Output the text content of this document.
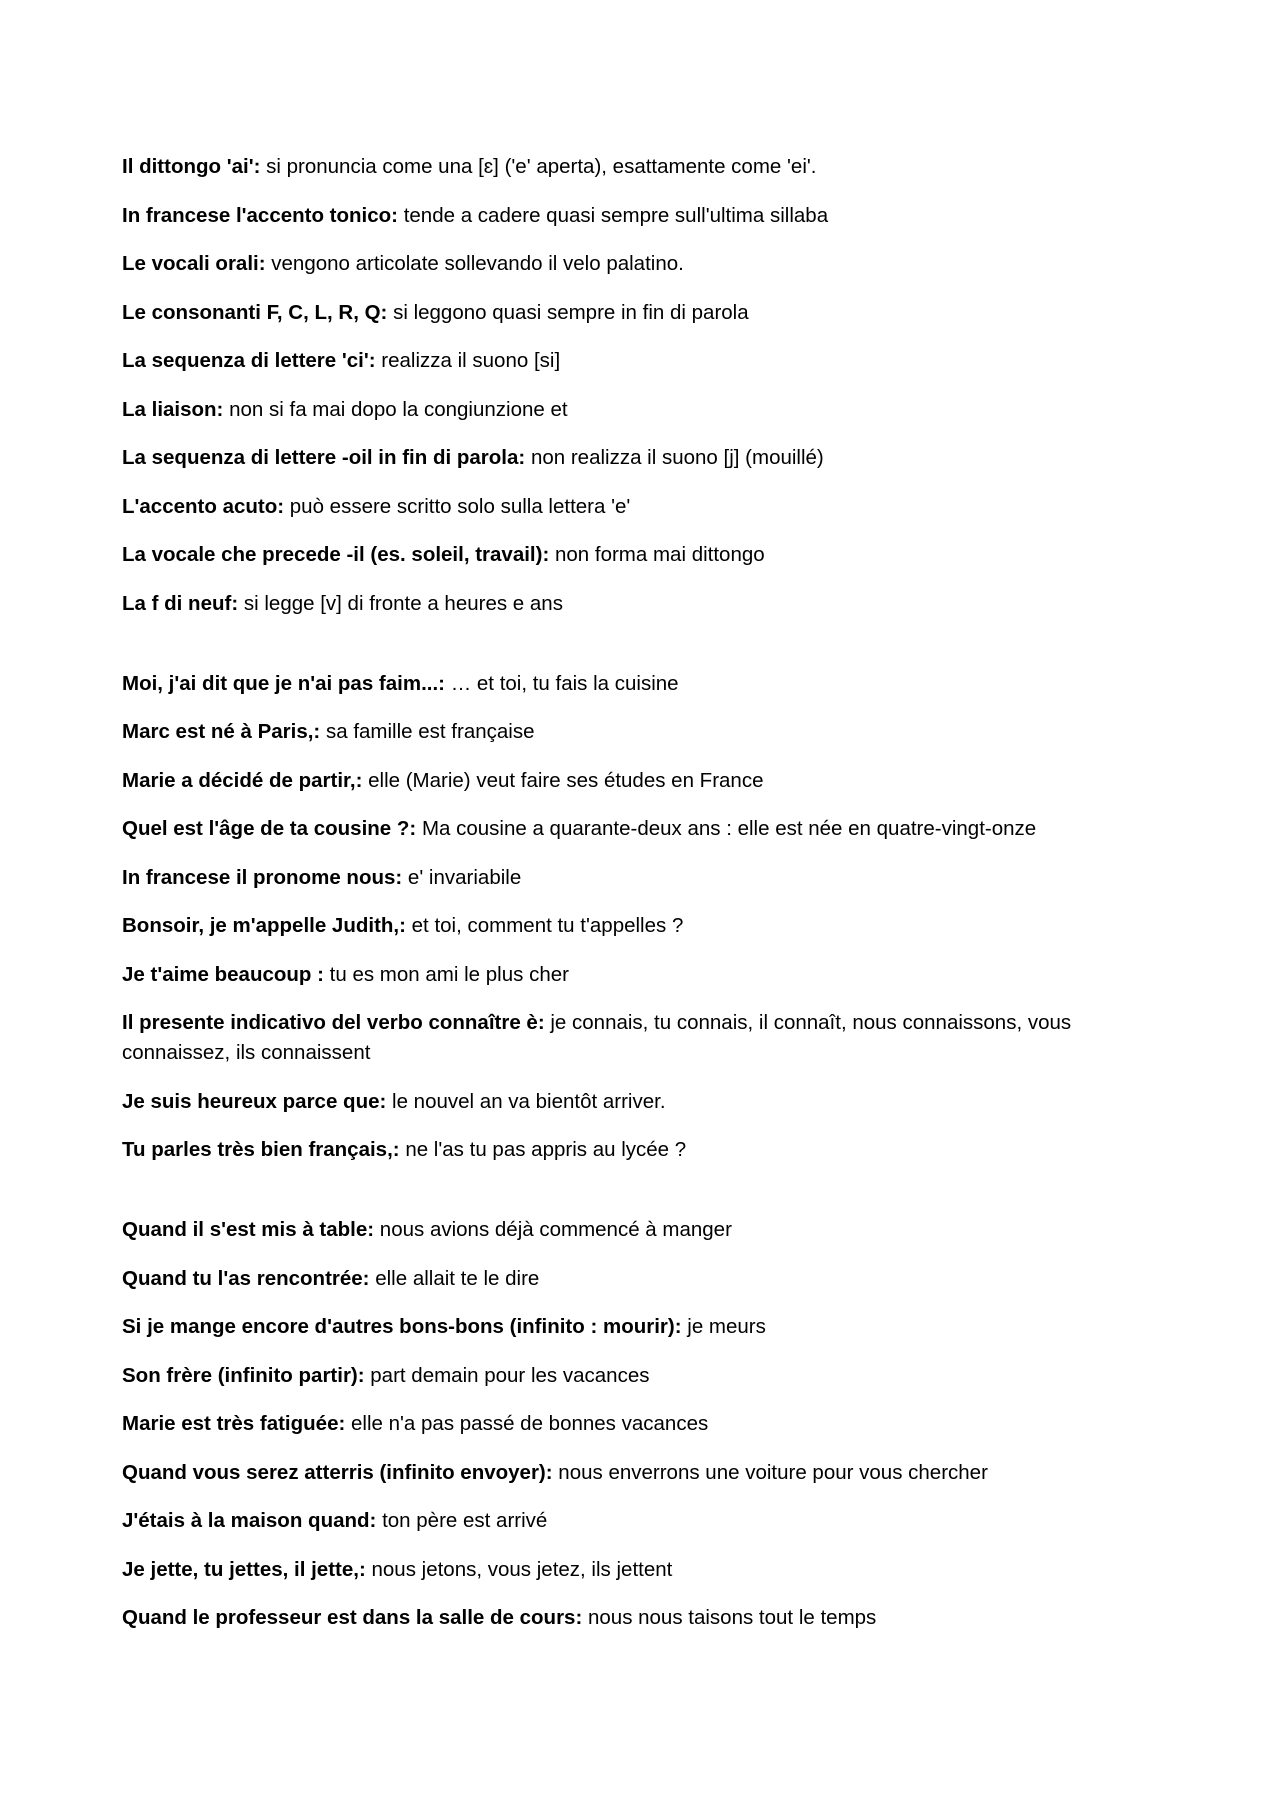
Il dittongo 'ai': si pronuncia come una [ɛ] ('e' aperta), esattamente come 'ei'.

In francese l'accento tonico: tende a cadere quasi sempre sull'ultima sillaba

Le vocali orali: vengono articolate sollevando il velo palatino.

Le consonanti F, C, L, R, Q: si leggono quasi sempre in fin di parola

La sequenza di lettere 'ci': realizza il suono [si]

La liaison: non si fa mai dopo la congiunzione et

La sequenza di lettere -oil in fin di parola: non realizza il suono [j] (mouillé)

L'accento acuto: può essere scritto solo sulla lettera 'e'

La vocale che precede -il (es. soleil, travail): non forma mai dittongo

La f di neuf: si legge [v] di fronte a heures e ans

Moi, j'ai dit que je n'ai pas faim...: … et toi, tu fais la cuisine

Marc est né à Paris,: sa famille est française

Marie a décidé de partir,: elle (Marie) veut faire ses études en France

Quel est l'âge de ta cousine ?: Ma cousine a quarante-deux ans : elle est née en quatre-vingt-onze

In francese il pronome nous: e' invariabile

Bonsoir, je m'appelle Judith,: et toi, comment tu t'appelles ?

Je t'aime beaucoup : tu es mon ami le plus cher

Il presente indicativo del verbo connaître è: je connais, tu connais, il connaît, nous connaissons, vous connaissez, ils connaissent

Je suis heureux parce que: le nouvel an va bientôt arriver.

Tu parles très bien français,: ne l'as tu pas appris au lycée ?

Quand il s'est mis à table: nous avions déjà commencé à manger

Quand tu l'as rencontrée: elle allait te le dire

Si je mange encore d'autres bons-bons (infinito : mourir): je meurs

Son frère (infinito partir): part demain pour les vacances

Marie est très fatiguée: elle n'a pas passé de bonnes vacances

Quand vous serez atterris (infinito envoyer): nous enverrons une voiture pour vous chercher

J'étais à la maison quand: ton père est arrivé

Je jette, tu jettes, il jette,: nous jetons, vous jetez, ils jettent

Quand le professeur est dans la salle de cours: nous nous taisons tout le temps
